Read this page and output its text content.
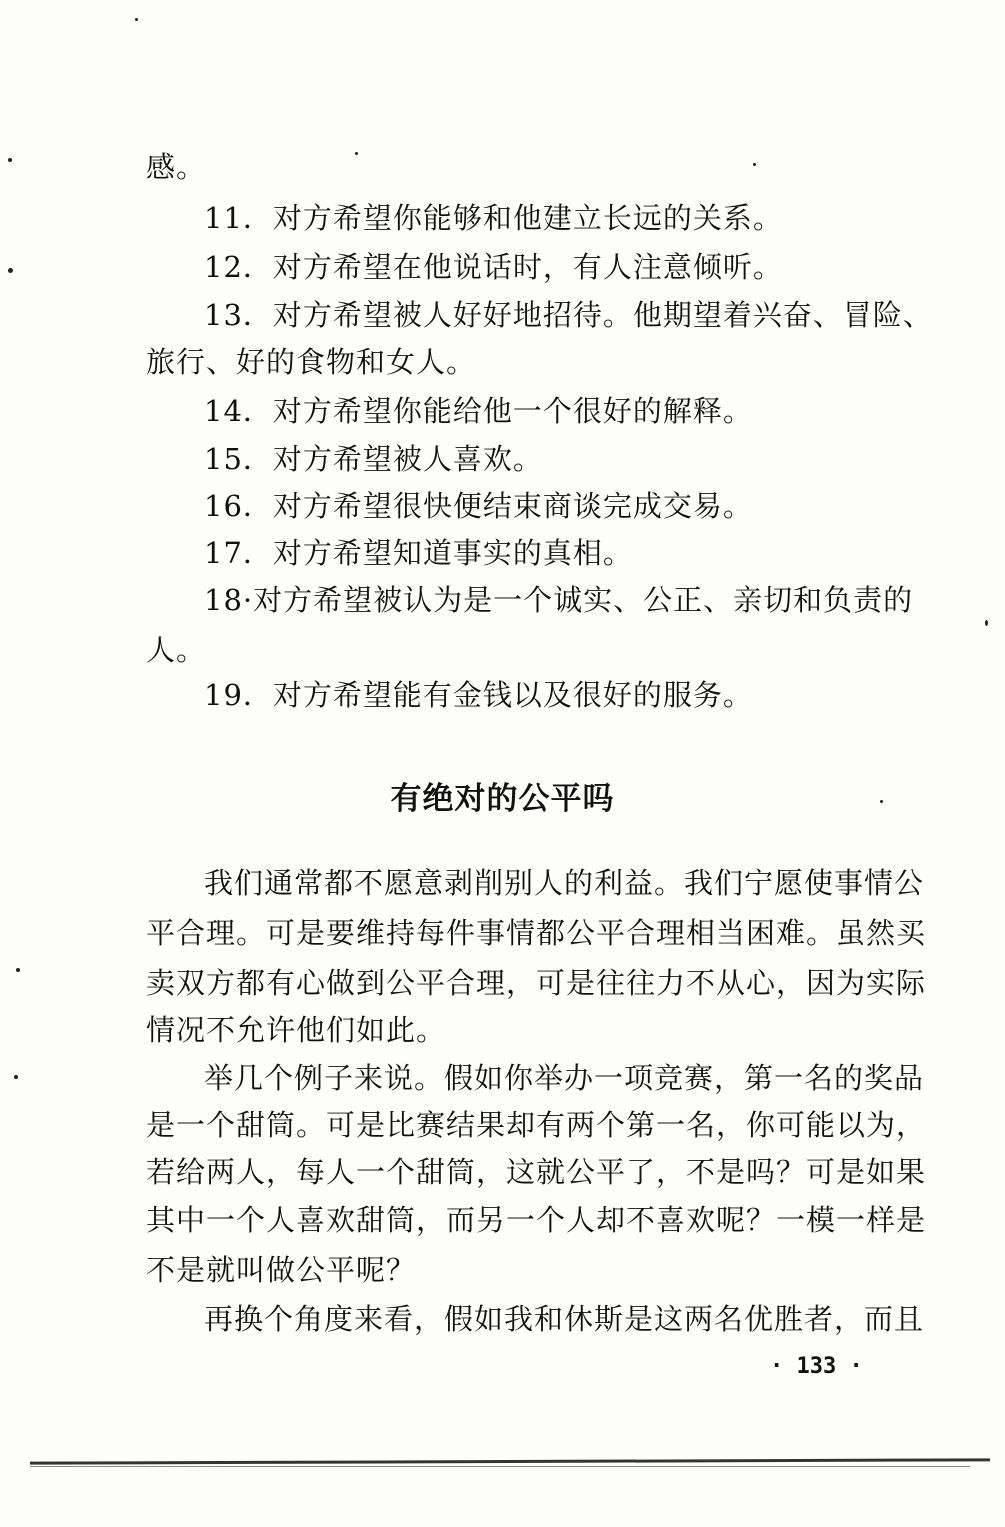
感。
11．对方希望你能够和他建立长远的关系。
12．对方希望在他说话时，有人注意倾听。
13．对方希望被人好好地招待。他期望着兴奋、冒险、
旅行、好的食物和女人。
14．对方希望你能给他一个很好的解释。
15．对方希望被人喜欢。
16．对方希望很快便结束商谈完成交易。
17．对方希望知道事实的真相。
18·对方希望被认为是一个诚实、公正、亲切和负责的
人。
19．对方希望能有金钱以及很好的服务。
有绝对的公平吗
我们通常都不愿意剥削别人的利益。我们宁愿使事情公
平合理。可是要维持每件事情都公平合理相当困难。虽然买
卖双方都有心做到公平合理，可是往往力不从心，因为实际
情况不允许他们如此。
举几个例子来说。假如你举办一项竞赛，第一名的奖品
是一个甜筒。可是比赛结果却有两个第一名，你可能以为，
若给两人，每人一个甜筒，这就公平了，不是吗？可是如果
其中一个人喜欢甜筒，而另一个人却不喜欢呢？一模一样是
不是就叫做公平呢？
再换个角度来看，假如我和休斯是这两名优胜者，而且
· 133 ·
